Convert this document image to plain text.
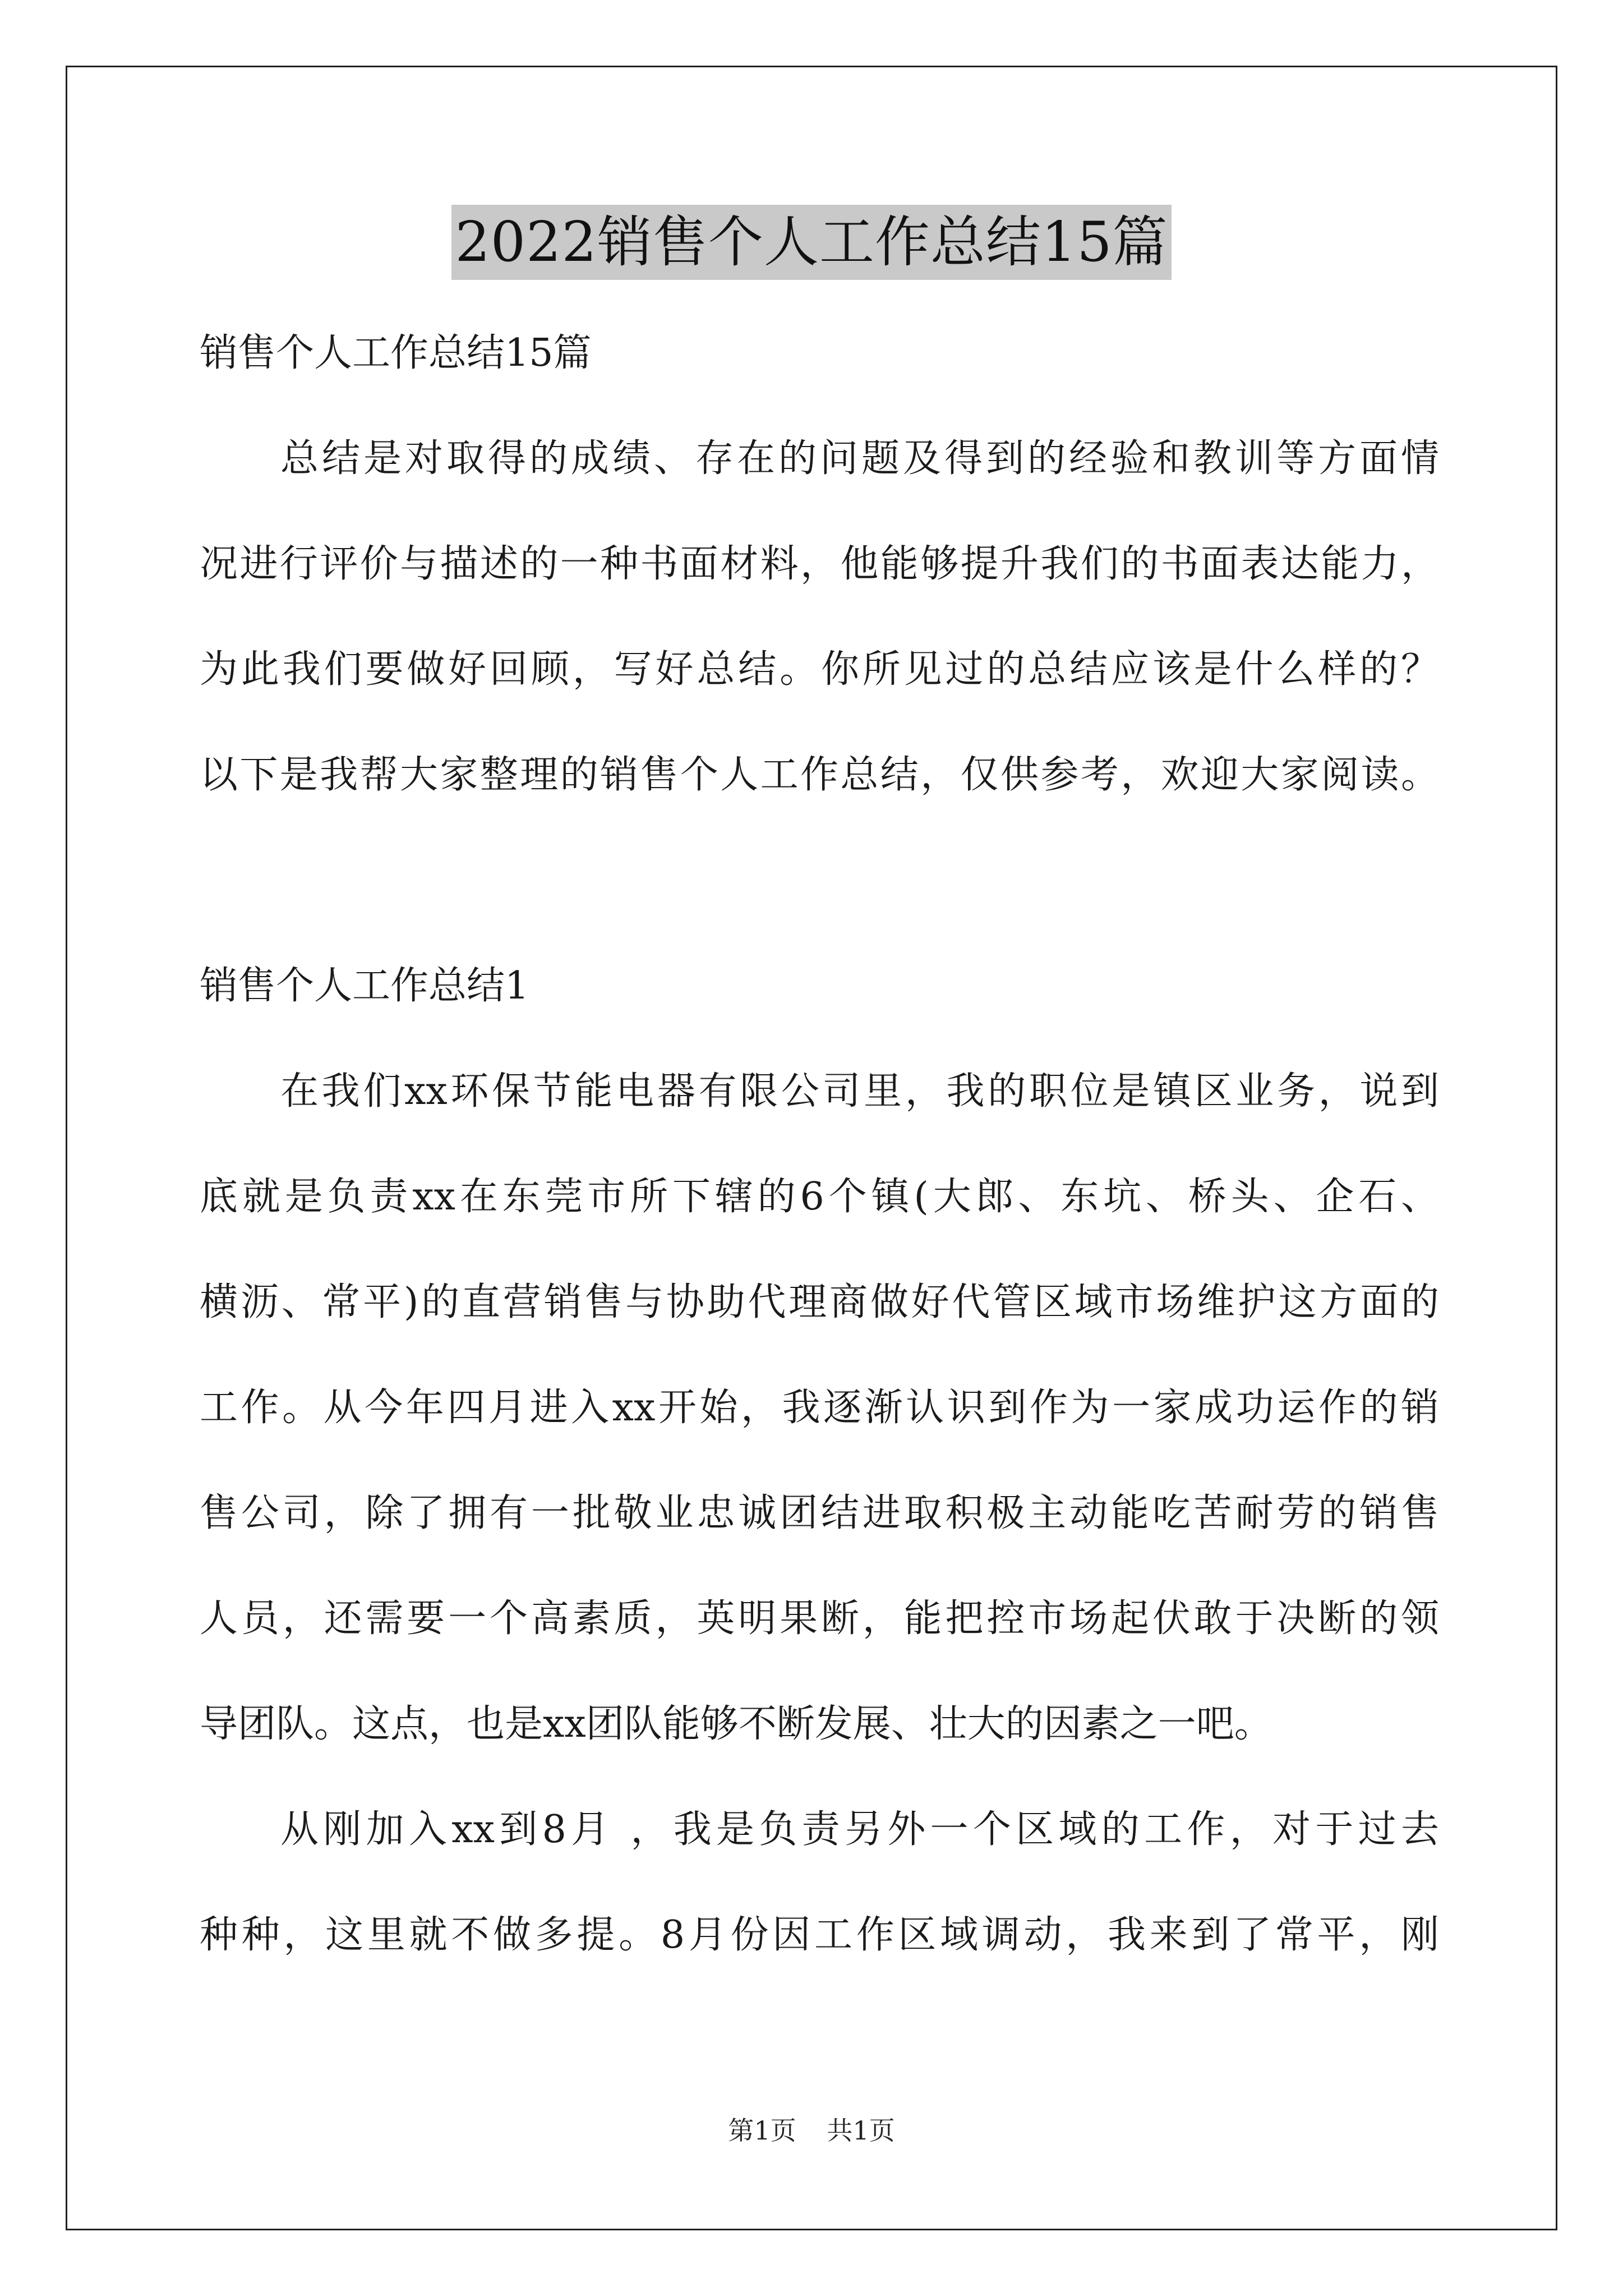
2022销售个人工作总结15篇
销售个人工作总结15篇
总结是对取得的成绩、存在的问题及得到的经验和教训等方面情
况进行评价与描述的一种书面材料，他能够提升我们的书面表达能力，
为此我们要做好回顾，写好总结。你所见过的总结应该是什么样的？
以下是我帮大家整理的销售个人工作总结，仅供参考，欢迎大家阅读。
销售个人工作总结1
在我们xx环保节能电器有限公司里，我的职位是镇区业务，说到
底就是负责xx在东莞市所下辖的6个镇(大郎、东坑、桥头、企石、
横沥、常平)的直营销售与协助代理商做好代管区域市场维护这方面的
工作。从今年四月进入xx开始，我逐渐认识到作为一家成功运作的销
售公司，除了拥有一批敬业忠诚团结进取积极主动能吃苦耐劳的销售
人员，还需要一个高素质，英明果断，能把控市场起伏敢于决断的领
导团队。这点，也是xx团队能够不断发展、壮大的因素之一吧。
从刚加入xx到8月 ，我是负责另外一个区域的工作，对于过去
种种，这里就不做多提。8月份因工作区域调动，我来到了常平，刚
第1页 共1页
